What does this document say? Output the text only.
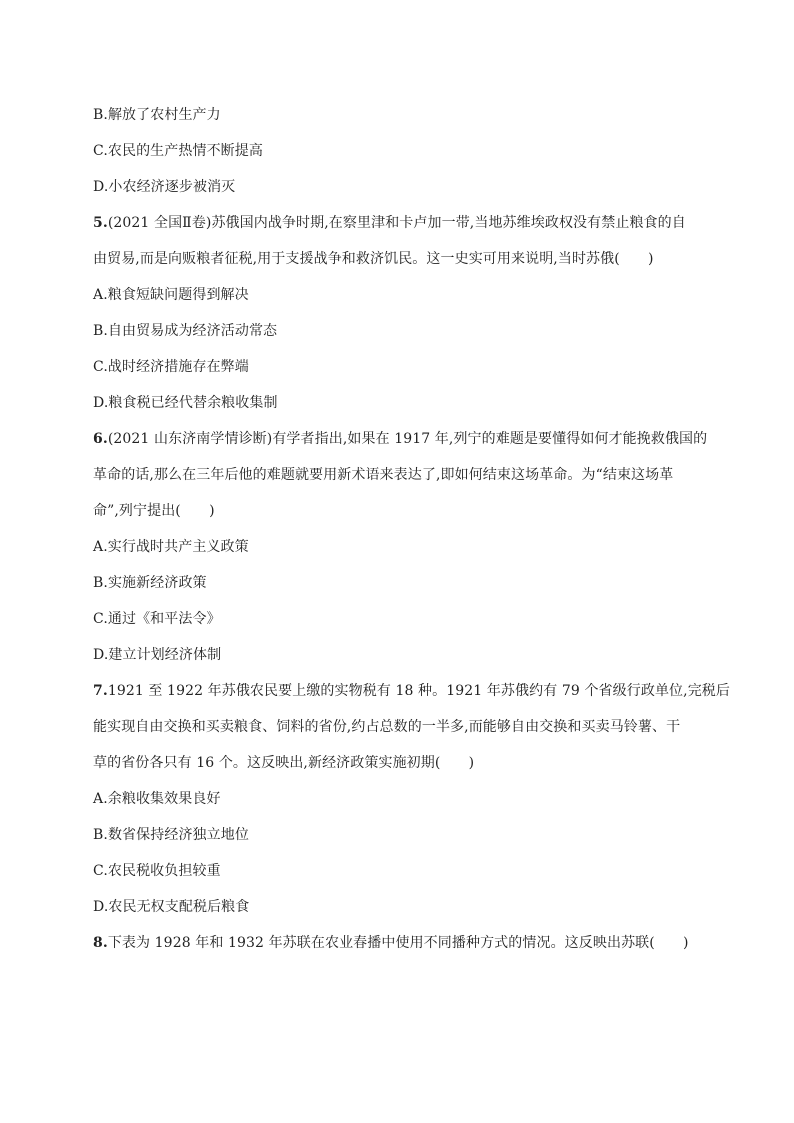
B.解放了农村生产力
C.农民的生产热情不断提高
D.小农经济逐步被消灭
5.(2021 全国Ⅱ卷)苏俄国内战争时期,在察里津和卡卢加一带,当地苏维埃政权没有禁止粮食的自
由贸易,而是向贩粮者征税,用于支援战争和救济饥民。这一史实可用来说明,当时苏俄(　　)
A.粮食短缺问题得到解决
B.自由贸易成为经济活动常态
C.战时经济措施存在弊端
D.粮食税已经代替余粮收集制
6.(2021 山东济南学情诊断)有学者指出,如果在 1917 年,列宁的难题是要懂得如何才能挽救俄国的
革命的话,那么在三年后他的难题就要用新术语来表达了,即如何结束这场革命。为“结束这场革
命”,列宁提出(　　)
A.实行战时共产主义政策
B.实施新经济政策
C.通过《和平法令》
D.建立计划经济体制
7.1921 至 1922 年苏俄农民要上缴的实物税有 18 种。1921 年苏俄约有 79 个省级行政单位,完税后
能实现自由交换和买卖粮食、饲料的省份,约占总数的一半多,而能够自由交换和买卖马铃薯、干
草的省份各只有 16 个。这反映出,新经济政策实施初期(　　)
A.余粮收集效果良好
B.数省保持经济独立地位
C.农民税收负担较重
D.农民无权支配税后粮食
8.下表为 1928 年和 1932 年苏联在农业春播中使用不同播种方式的情况。这反映出苏联(　　)
